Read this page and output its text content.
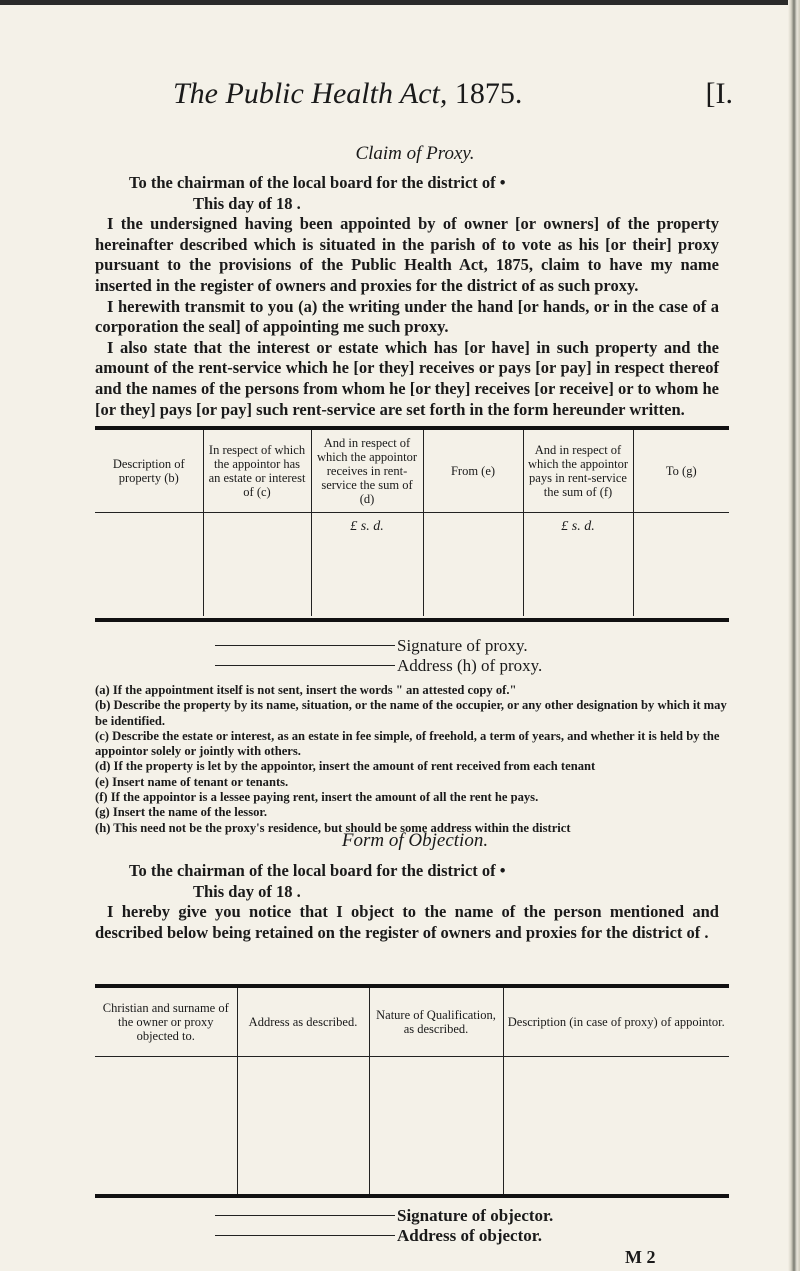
The Public Health Act, 1875.	[I.
Claim of Proxy.

To the chairman of the local board for the district of •

This day of 18 .

I the undersigned having been appointed by of owner [or owners] of the property hereinafter described which is situated in the parish of to vote as his [or their] proxy pursuant to the provisions of the Public Health Act, 1875, claim to have my name inserted in the register of owners and proxies for the district of as such proxy.

I herewith transmit to you (a) the writing under the hand [or hands, or in the case of a corporation the seal] of appointing me such proxy.

I also state that the interest or estate which has [or have] in such property and the amount of the rent-service which he [or they] receives or pays [or pay] in respect thereof and the names of the persons from whom he [or they] receives [or receive] or to whom he [or they] pays [or pay] such rent-service are set forth in the form hereunder written.

Description of property (b)	In respect of which the appointor has an estate or interest of (c)	And in respect of which the appointor receives in rent-service the sum of (d)	From (e)	And in respect of which the appointor pays in rent-service the sum of (f)	To (g)
		£ s. d.		£ s. d.	
Signature of proxy.
Address (h) of proxy.

(a) If the appointment itself is not sent, insert the words " an attested copy of."

(b) Describe the property by its name, situation, or the name of the occupier, or any other designation by which it may be identified.

(c) Describe the estate or interest, as an estate in fee simple, of freehold, a term of years, and whether it is held by the appointor solely or jointly with others.

(d) If the property is let by the appointor, insert the amount of rent received from each tenant

(e) Insert name of tenant or tenants.

(f) If the appointor is a lessee paying rent, insert the amount of all the rent he pays.

(g) Insert the name of the lessor.

(h) This need not be the proxy's residence, but should be some address within the district

Form of Objection.

To the chairman of the local board for the district of •

This day of 18 .

I hereby give you notice that I object to the name of the person mentioned and described below being retained on the register of owners and proxies for the district of .

Christian and surname of the owner or proxy objected to.	Address as described.	Nature of Qualification, as described.	Description (in case of proxy) of appointor.

Signature of objector.
Address of objector.
M 2
